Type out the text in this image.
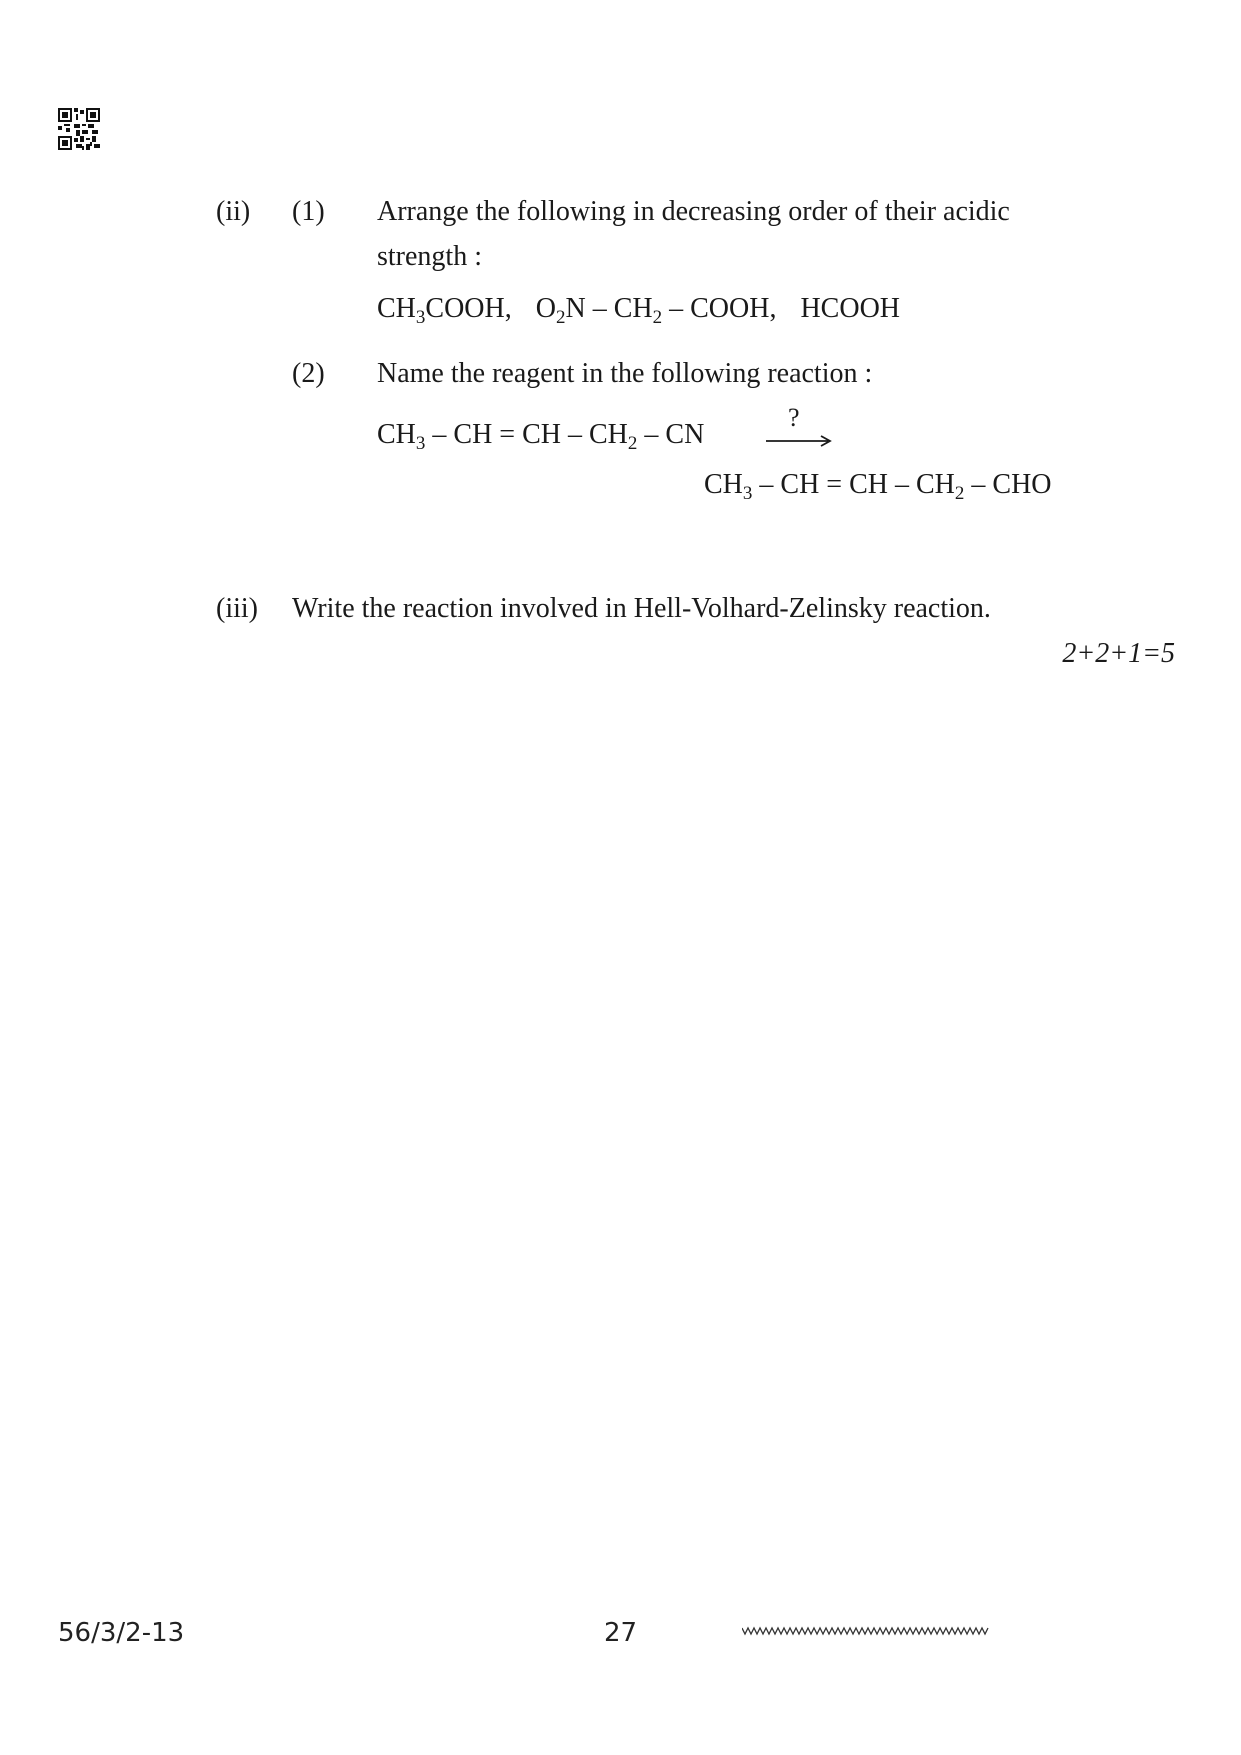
(ii) (1) Arrange the following in decreasing order of their acidic
strength :
$CH_3COOH$, $O_2N - CH_2$ – COOH, HCOOH
(2) Name the reagent in the following reaction :
$CH_3$ – CH = CH – $CH_2$ – CN
?
$CH_3$ – CH = CH – $CH_2$ – CHO
(iii) Write the reaction involved in Hell-Volhard-Zelinsky reaction.
2+2+1=5
56/3/2-13	27
